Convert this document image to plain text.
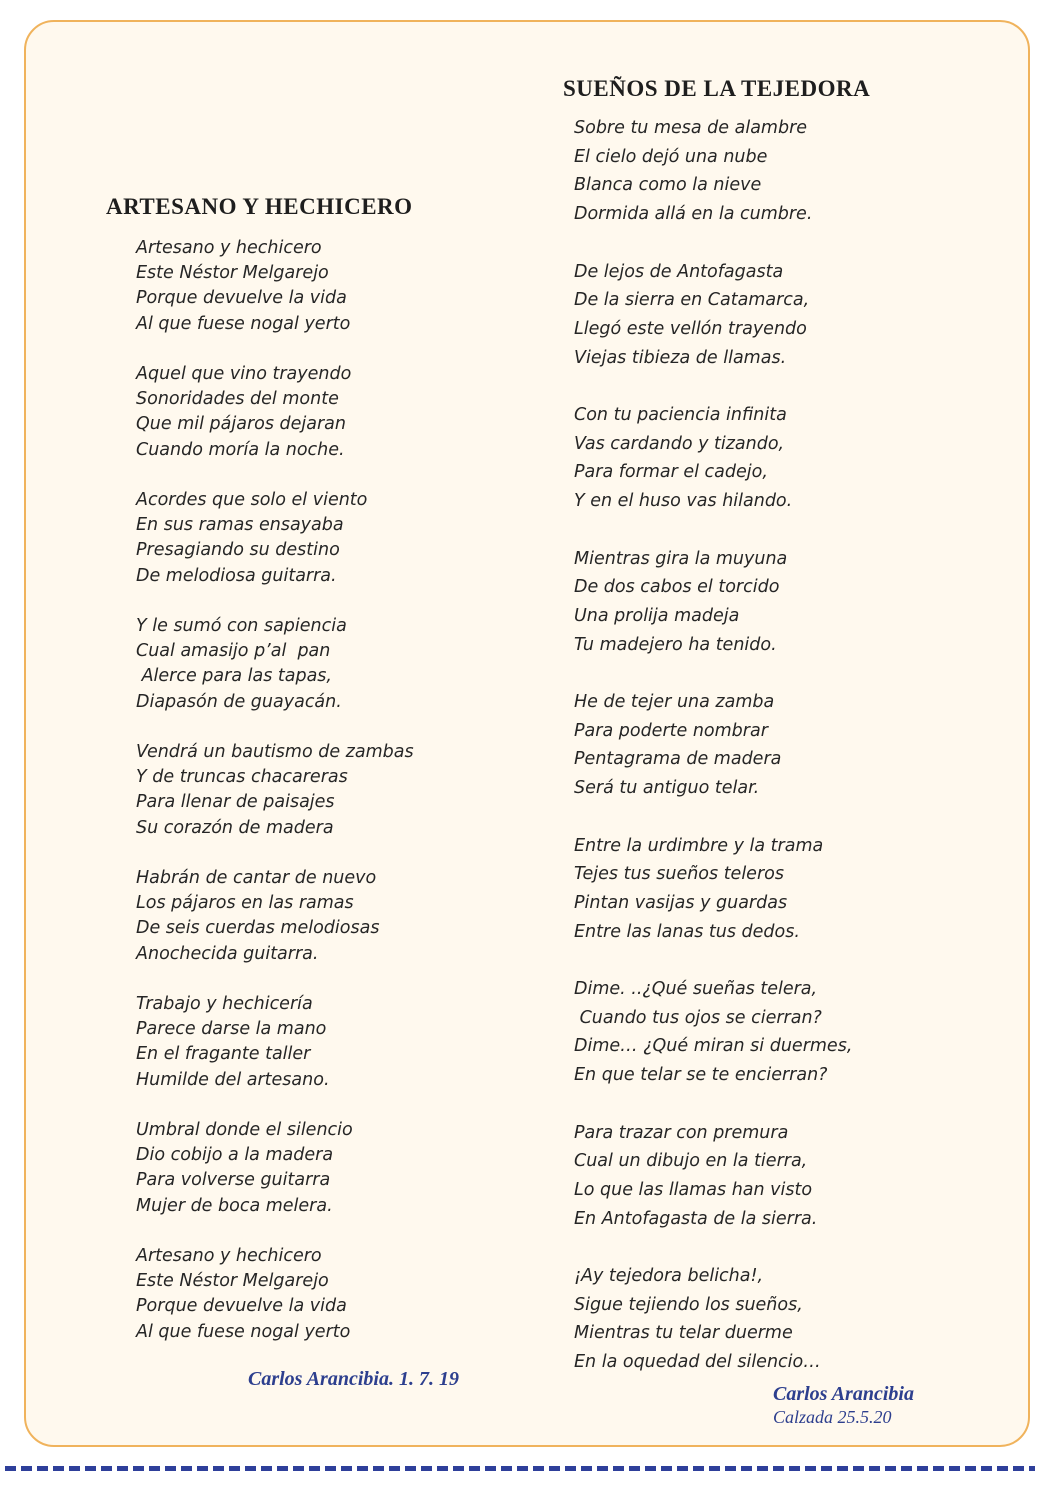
ARTESANO Y HECHICERO
Artesano y hechicero
Este Néstor Melgarejo
Porque devuelve la vida
Al que fuese nogal yerto
Aquel que vino trayendo
Sonoridades del monte
Que mil pájaros dejaran
Cuando moría la noche.
Acordes que solo el viento
En sus ramas ensayaba
Presagiando su destino
De melodiosa guitarra.
Y le sumó con sapiencia
Cual amasijo p’al  pan
Alerce para las tapas,
Diapasón de guayacán.
Vendrá un bautismo de zambas
Y de truncas chacareras
Para llenar de paisajes
Su corazón de madera
Habrán de cantar de nuevo
Los pájaros en las ramas
De seis cuerdas melodiosas
Anochecida guitarra.
Trabajo y hechicería
Parece darse la mano
En el fragante taller
Humilde del artesano.
Umbral donde el silencio
Dio cobijo a la madera
Para volverse guitarra
Mujer de boca melera.
Artesano y hechicero
Este Néstor Melgarejo
Porque devuelve la vida
Al que fuese nogal yerto
SUEÑOS DE LA TEJEDORA
Sobre tu mesa de alambre
El cielo dejó una nube
Blanca como la nieve
Dormida allá en la cumbre.
De lejos de Antofagasta
De la sierra en Catamarca,
Llegó este vellón trayendo
Viejas tibieza de llamas.
Con tu paciencia infinita
Vas cardando y tizando,
Para formar el cadejo,
Y en el huso vas hilando.
Mientras gira la muyuna
De dos cabos el torcido
Una prolija madeja
Tu madejero ha tenido.
He de tejer una zamba
Para poderte nombrar
Pentagrama de madera
Será tu antiguo telar.
Entre la urdimbre y la trama
Tejes tus sueños teleros
Pintan vasijas y guardas
Entre las lanas tus dedos.
Dime. ..¿Qué sueñas telera,
Cuando tus ojos se cierran?
Dime… ¿Qué miran si duermes,
En que telar se te encierran?
Para trazar con premura
Cual un dibujo en la tierra,
Lo que las llamas han visto
En Antofagasta de la sierra.
¡Ay tejedora belicha!,
Sigue tejiendo los sueños,
Mientras tu telar duerme
En la oquedad del silencio…
Carlos Arancibia. 1. 7. 19
Carlos Arancibia
Calzada 25.5.20
